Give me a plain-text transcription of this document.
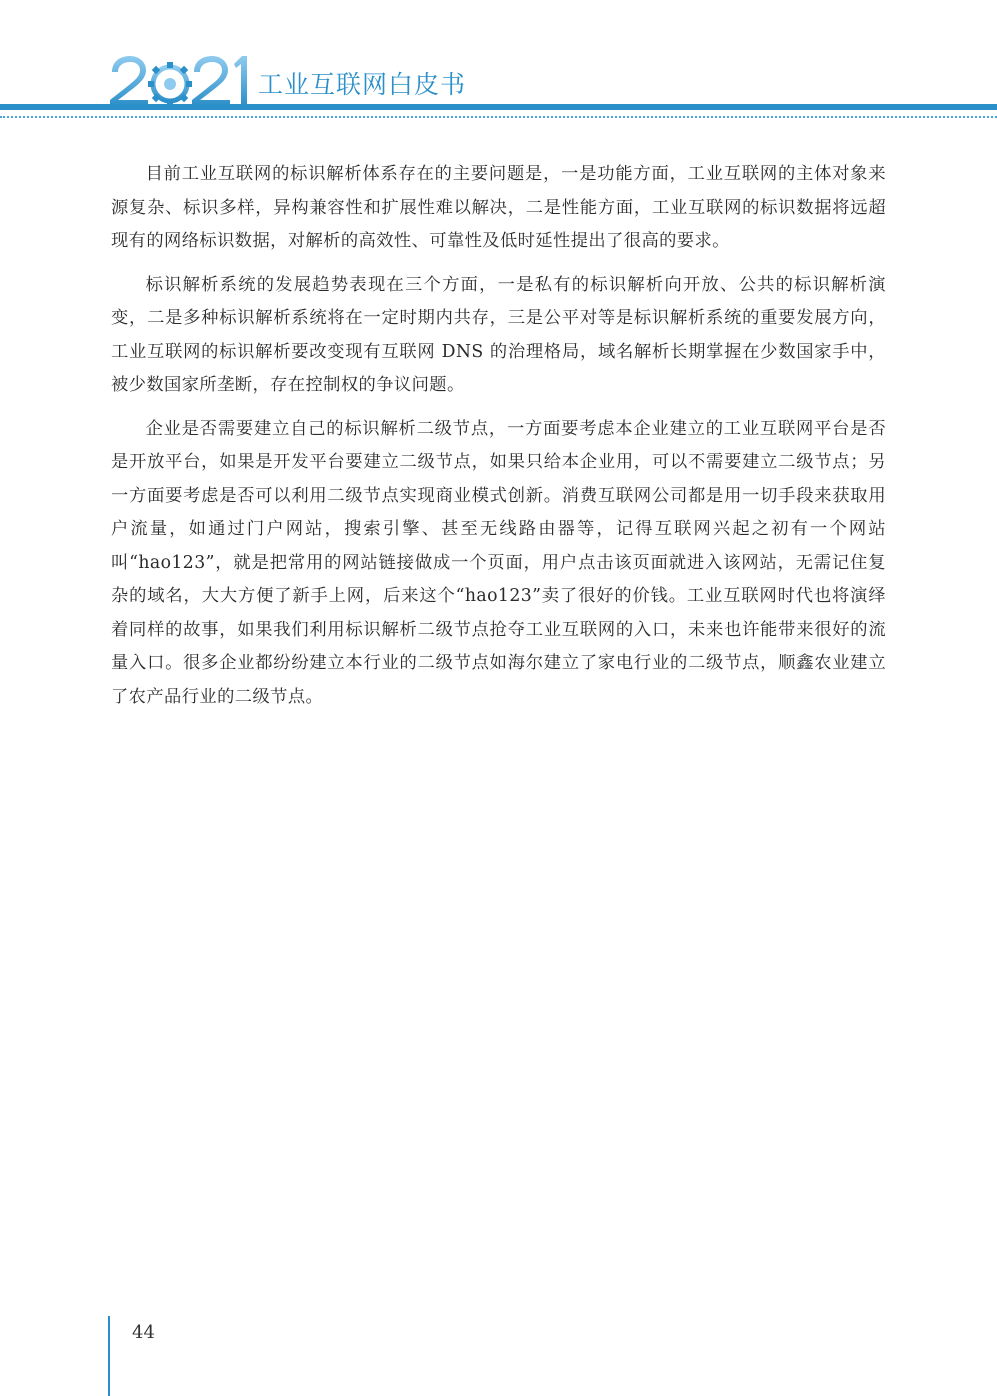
工业互联网白皮书

目前工业互联网的标识解析体系存在的主要问题是，一是功能方面，工业互联网的主体对象来源复杂、标识多样，异构兼容性和扩展性难以解决，二是性能方面，工业互联网的标识数据将远超现有的网络标识数据，对解析的高效性、可靠性及低时延性提出了很高的要求。

标识解析系统的发展趋势表现在三个方面，一是私有的标识解析向开放、公共的标识解析演变，二是多种标识解析系统将在一定时期内共存，三是公平对等是标识解析系统的重要发展方向，工业互联网的标识解析要改变现有互联网 DNS 的治理格局，域名解析长期掌握在少数国家手中，被少数国家所垄断，存在控制权的争议问题。

企业是否需要建立自己的标识解析二级节点，一方面要考虑本企业建立的工业互联网平台是否是开放平台，如果是开发平台要建立二级节点，如果只给本企业用，可以不需要建立二级节点；另一方面要考虑是否可以利用二级节点实现商业模式创新。消费互联网公司都是用一切手段来获取用户流量，如通过门户网站，搜索引擎、甚至无线路由器等，记得互联网兴起之初有一个网站叫“hao123”，就是把常用的网站链接做成一个页面，用户点击该页面就进入该网站，无需记住复杂的域名，大大方便了新手上网，后来这个“hao123”卖了很好的价钱。工业互联网时代也将演绎着同样的故事，如果我们利用标识解析二级节点抢夺工业互联网的入口，未来也许能带来很好的流量入口。很多企业都纷纷建立本行业的二级节点如海尔建立了家电行业的二级节点，顺鑫农业建立了农产品行业的二级节点。

44
